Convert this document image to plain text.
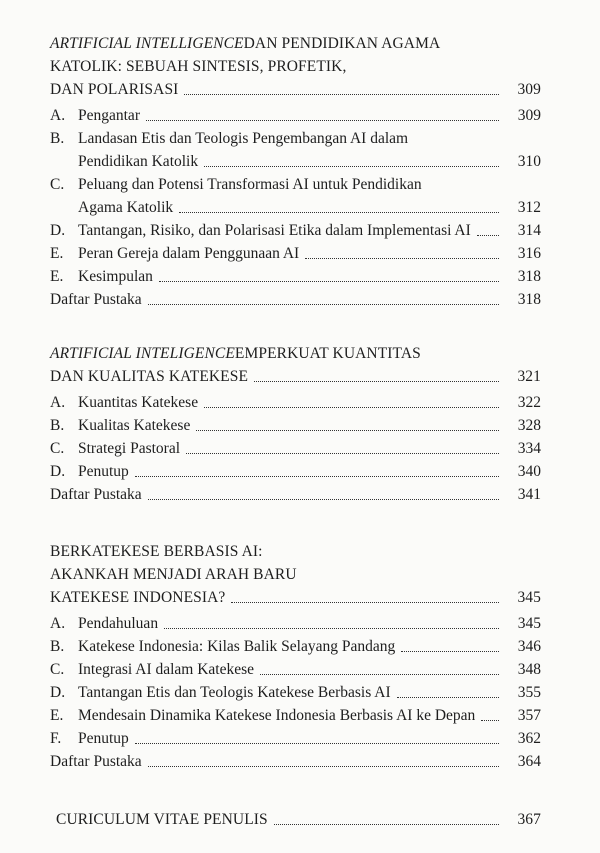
ARTIFICIAL INTELLIGENCE DAN PENDIDIKAN AGAMA
KATOLIK: SEBUAH SINTESIS, PROFETIK,
DAN POLARISASI	309
A. Pengantar	309
B. Landasan Etis dan Teologis Pengembangan AI dalam
Pendidikan Katolik	310
C. Peluang dan Potensi Transformasi AI untuk Pendidikan
Agama Katolik	312
D. Tantangan, Risiko, dan Polarisasi Etika dalam Implementasi AI	314
E. Peran Gereja dalam Penggunaan AI	316
E. Kesimpulan	318
Daftar Pustaka	318
ARTIFICIAL INTELIGENCE EMPERKUAT KUANTITAS
DAN KUALITAS KATEKESE	321
A. Kuantitas Katekese	322
B. Kualitas Katekese	328
C. Strategi Pastoral	334
D. Penutup	340
Daftar Pustaka	341
BERKATEKESE BERBASIS AI:
AKANKAH MENJADI ARAH BARU
KATEKESE INDONESIA?	345
A. Pendahuluan	345
B. Katekese Indonesia: Kilas Balik Selayang Pandang	346
C. Integrasi AI dalam Katekese	348
D. Tantangan Etis dan Teologis Katekese Berbasis AI	355
E. Mendesain Dinamika Katekese Indonesia Berbasis AI ke Depan	357
F.	Penutup	362
Daftar Pustaka	364
CURICULUM VITAE PENULIS	367
